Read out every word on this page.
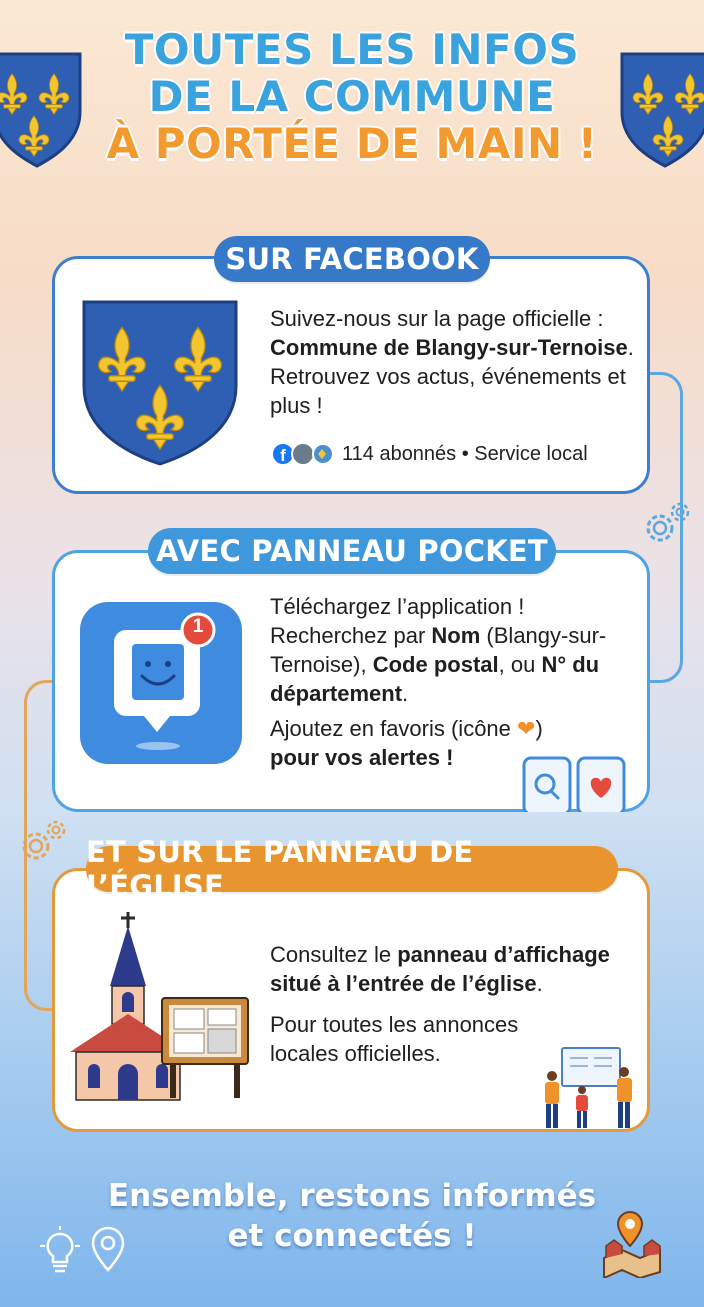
TOUTES LES INFOS
DE LA COMMUNE
À PORTÉE DE MAIN !
SUR FACEBOOK
Suivez-nous sur la page officielle : Commune de Blangy-sur-Ternoise. Retrouvez vos actus, événements et plus !
f	114 abonnés • Service local
AVEC PANNEAU POCKET
1
Téléchargez l’application !
Recherchez par Nom (Blangy-sur-Ternoise), Code postal, ou N° du département.
Ajoutez en favoris (icône ❤)
pour vos alertes !
ET SUR LE PANNEAU DE L’ÉGLISE
Consultez le panneau d’affichage situé à l’entrée de l’église.
Pour toutes les annonces locales officielles.
Ensemble, restons informés
et connectés !
